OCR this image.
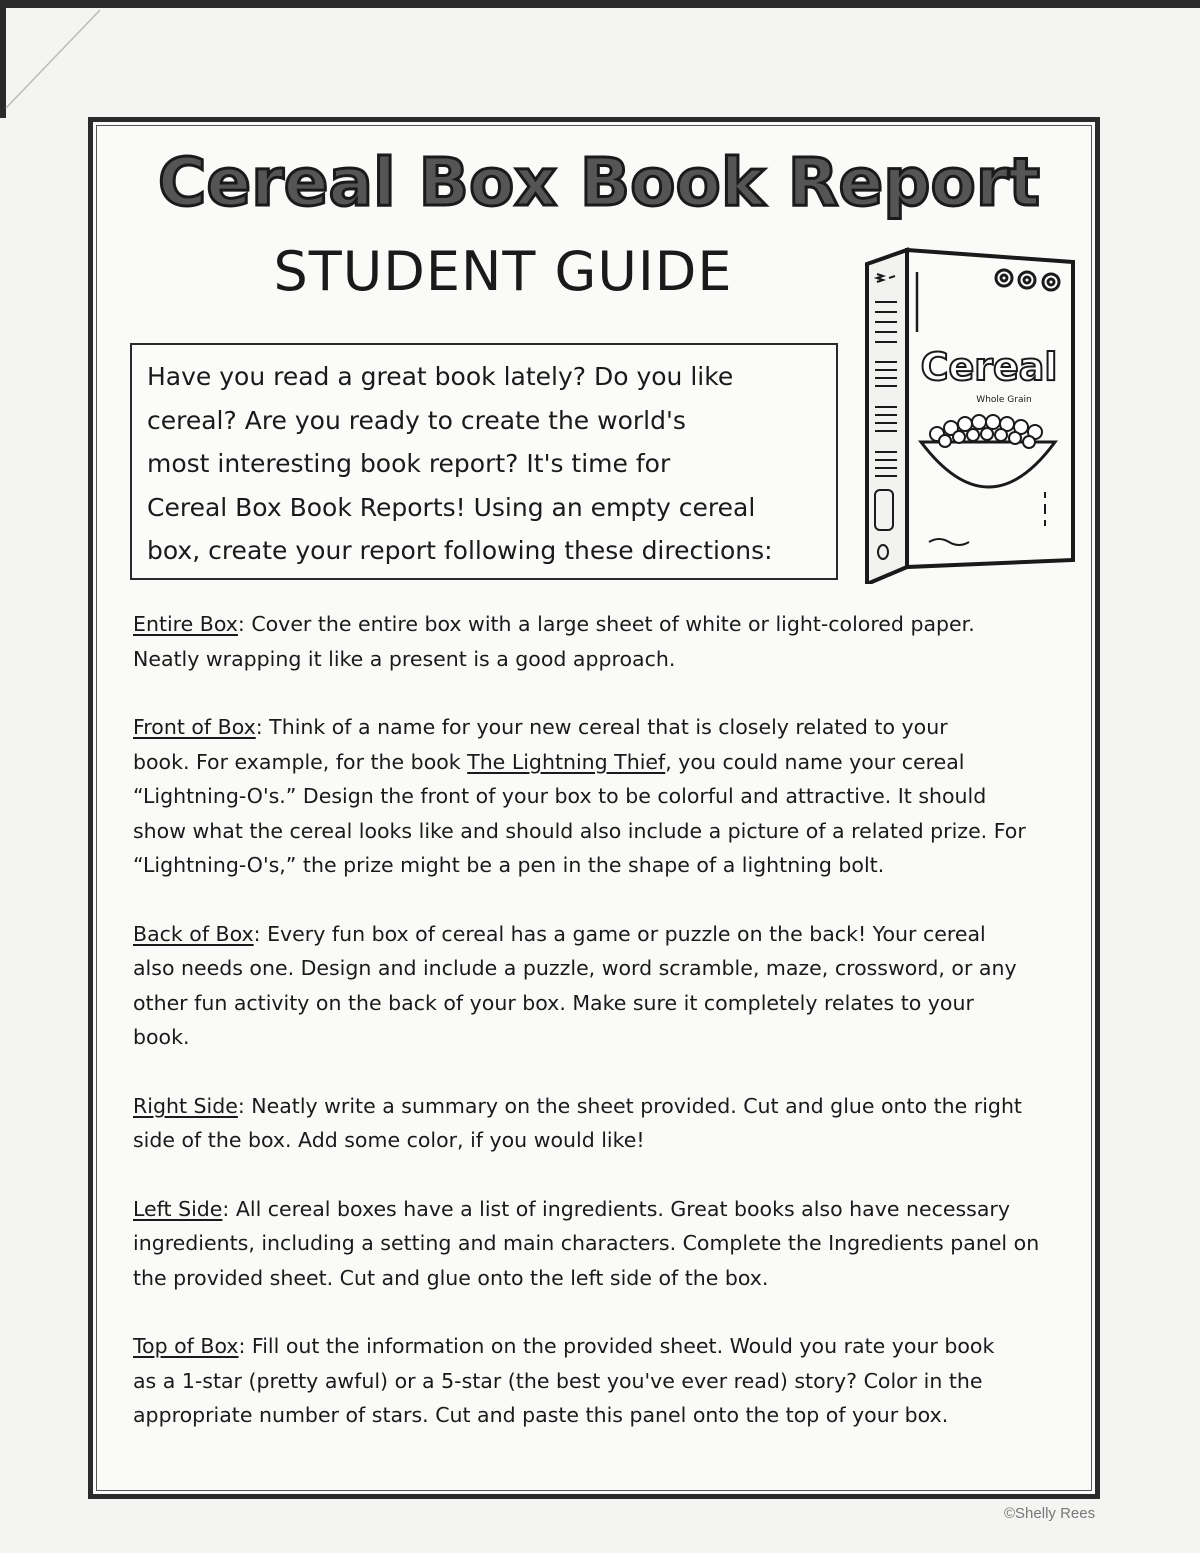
Cereal Box Book Report
STUDENT GUIDE
Have you read a great book lately? Do you like
cereal? Are you ready to create the world's
most interesting book report? It's time for
Cereal Box Book Reports! Using an empty cereal
box, create your report following these directions:
Cereal
Whole Grain

Entire Box: Cover the entire box with a large sheet of white or light-colored paper.
Neatly wrapping it like a present is a good approach.

Front of Box: Think of a name for your new cereal that is closely related to your
book. For example, for the book The Lightning Thief, you could name your cereal
“Lightning-O's.” Design the front of your box to be colorful and attractive. It should
show what the cereal looks like and should also include a picture of a related prize. For
“Lightning-O's,” the prize might be a pen in the shape of a lightning bolt.

Back of Box: Every fun box of cereal has a game or puzzle on the back! Your cereal
also needs one. Design and include a puzzle, word scramble, maze, crossword, or any
other fun activity on the back of your box. Make sure it completely relates to your
book.

Right Side: Neatly write a summary on the sheet provided. Cut and glue onto the right
side of the box. Add some color, if you would like!

Left Side: All cereal boxes have a list of ingredients. Great books also have necessary
ingredients, including a setting and main characters. Complete the Ingredients panel on
the provided sheet. Cut and glue onto the left side of the box.

Top of Box: Fill out the information on the provided sheet. Would you rate your book
as a 1-star (pretty awful) or a 5-star (the best you've ever read) story? Color in the
appropriate number of stars. Cut and paste this panel onto the top of your box.

©Shelly Rees
